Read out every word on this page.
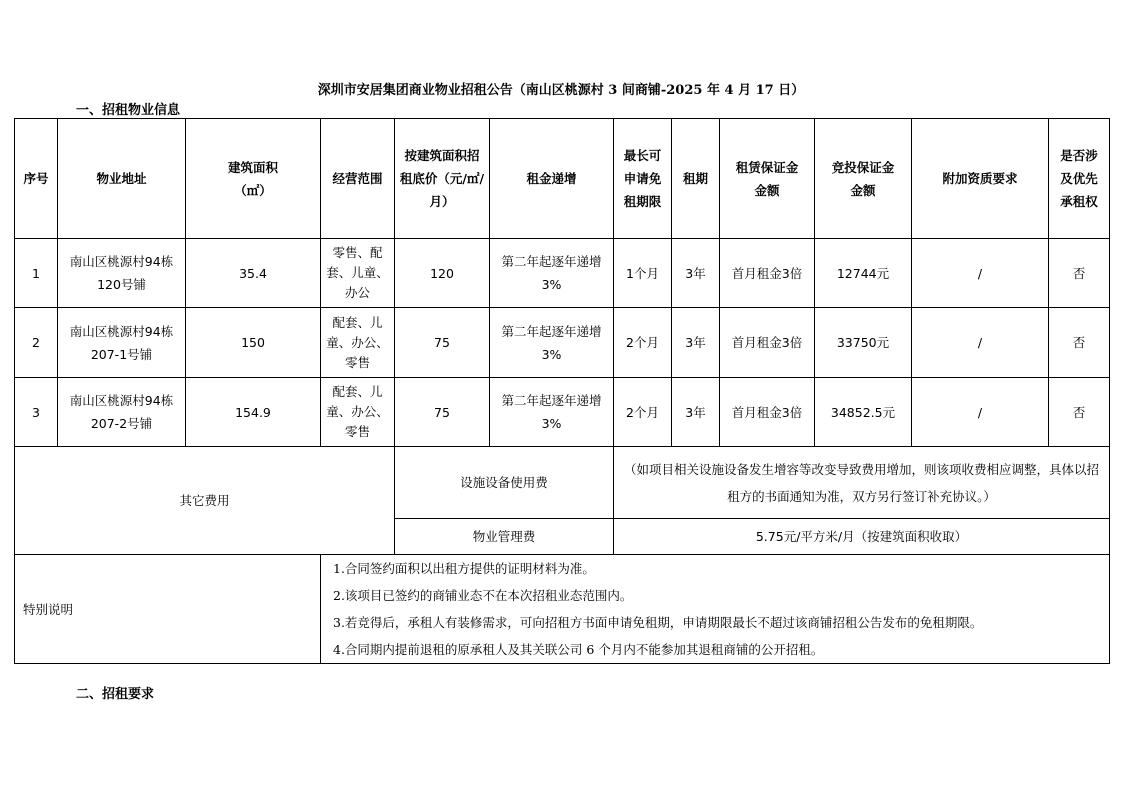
深圳市安居集团商业物业招租公告（南山区桃源村 3 间商铺-2025 年 4 月 17 日）
一、招租物业信息
序号	物业地址	建筑面积（㎡）	经营范围	按建筑面积招租底价（元/㎡/月）	租金递增	最长可申请免租期限	租期	租赁保证金金额	竞投保证金金额	附加资质要求	是否涉及优先承租权
1	南山区桃源村94栋120号铺	35.4	零售、配套、儿童、办公	120	第二年起逐年递增3%	1个月	3年	首月租金3倍	12744元	/	否
2	南山区桃源村94栋207-1号铺	150	配套、儿童、办公、零售	75	第二年起逐年递增3%	2个月	3年	首月租金3倍	33750元	/	否
3	南山区桃源村94栋207-2号铺	154.9	配套、儿童、办公、零售	75	第二年起逐年递增3%	2个月	3年	首月租金3倍	34852.5元	/	否
其它费用				设施设备使用费		（如项目相关设施设备发生增容等改变导致费用增加，则该项收费相应调整，具体以招租方的书面通知为准，双方另行签订补充协议。）					
				物业管理费		5.75元/平方米/月（按建筑面积收取）					
特别说明			1.合同签约面积以出租方提供的证明材料为准。
2.该项目已签约的商铺业态不在本次招租业态范围内。
3.若竞得后，承租人有装修需求，可向招租方书面申请免租期，申请期限最长不超过该商铺招租公告发布的免租期限。
4.合同期内提前退租的原承租人及其关联公司 6 个月内不能参加其退租商铺的公开招租。								
二、招租要求
